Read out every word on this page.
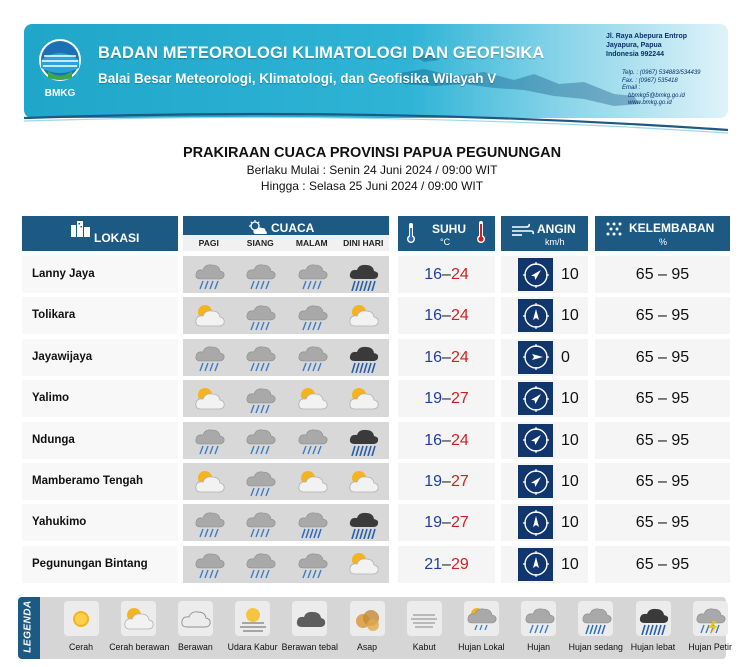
BMKG
BADAN METEOROLOGI KLIMATOLOGI DAN GEOFISIKA
Balai Besar Meteorologi, Klimatologi, dan Geofisika Wilayah V
Jl. Raya Abepura Entrop
Jayapura, Papua
Indonesia 992244
Telp. : (0967) 534883/534439
Fax. : (0967) 535418
Email :
bbmkg5@bmkg.go.id
www.bmkg.go.id
PRAKIRAAN CUACA PROVINSI PAPUA PEGUNUNGAN
Berlaku Mulai : Senin 24 Juni 2024 / 09:00 WIT
Hingga : Selasa 25 Juni 2024 / 09:00 WIT
LOKASI
CUACA
PAGI	SIANG	MALAM	DINI HARI
SUHU
°C
ANGIN
km/h
KELEMBABAN
%
Lanny Jaya	16–24	10	65 – 95
Tolikara	16–24	10	65 – 95
Jayawijaya	16–24	0	65 – 95
Yalimo	19–27	10	65 – 95
Ndunga	16–24	10	65 – 95
Mamberamo Tengah	19–27	10	65 – 95
Yahukimo	19–27	10	65 – 95
Pegunungan Bintang	21–29	10	65 – 95
LEGENDA	Cerah	Cerah berawan Berawan	Udara Kabur Berawan tebal	Asap	Kabut	Hujan Lokal	Hujan	Hujan sedang Hujan lebat	Hujan Petir
